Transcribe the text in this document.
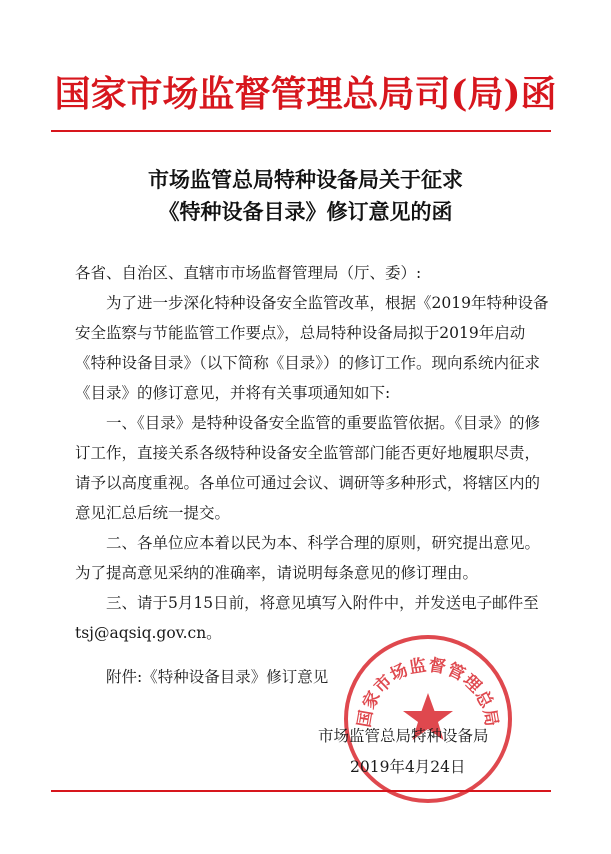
国家市场监督管理总局司(局)函
市场监管总局特种设备局关于征求
《特种设备目录》修订意见的函

各省、自治区、直辖市市场监督管理局（厅、委）:

为了进一步深化特种设备安全监管改革，根据《2019年特种设备安全监察与节能监管工作要点》，总局特种设备局拟于2019年启动《特种设备目录》（以下简称《目录》）的修订工作。现向系统内征求《目录》的修订意见，并将有关事项通知如下:

一、《目录》是特种设备安全监管的重要监管依据。《目录》的修订工作，直接关系各级特种设备安全监管部门能否更好地履职尽责，请予以高度重视。各单位可通过会议、调研等多种形式，将辖区内的意见汇总后统一提交。

二、各单位应本着以民为本、科学合理的原则，研究提出意见。为了提高意见采纳的准确率，请说明每条意见的修订理由。

三、请于5月15日前，将意见填写入附件中，并发送电子邮件至tsj@aqsiq.gov.cn。

附件:《特种设备目录》修订意见
国家市场监督管理总局
市场监管总局特种设备局
2019年4月24日
